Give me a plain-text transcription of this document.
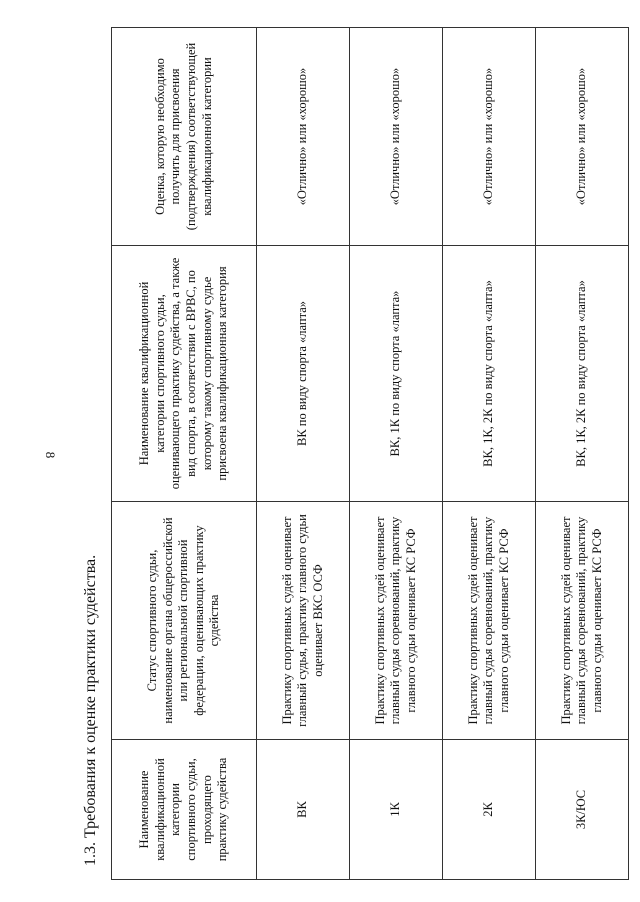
8
1.3. Требования к оценке практики судейства.	Наименование квалификационной категории спортивного судьи, проходящего практику судейства	Статус спортивного судьи, наименование органа общероссийской или региональной спортивной федерации, оценивающих практику судейства	Наименование квалификационной категории спортивного судьи, оценивающего практику судейства, а также вид спорта, в соответствии с ВРВС, по которому такому спортивному судье присвоена квалификационная категория	Оценка, которую необходимо получить для присвоения (подтверждения) соответствующей квалификационной категории
ВК	Практику спортивных судей оценивает главный судья, практику главного судьи оценивает ВКС ОСФ	ВК по виду спорта «лапта»	«Отлично» или «хорошо»
1К	Практику спортивных судей оценивает главный судья соревнований, практику главного судьи оценивает КС РСФ	ВК, 1К по виду спорта «лапта»	«Отлично» или «хорошо»
2К	Практику спортивных судей оценивает главный судья соревнований, практику главного судьи оценивает КС РСФ	ВК, 1К, 2К по виду спорта «лапта»	«Отлично» или «хорошо»
3К/ЮС	Практику спортивных судей оценивает главный судья соревнований, практику главного судьи оценивает КС РСФ	ВК, 1К, 2К по виду спорта «лапта»	«Отлично» или «хорошо»
